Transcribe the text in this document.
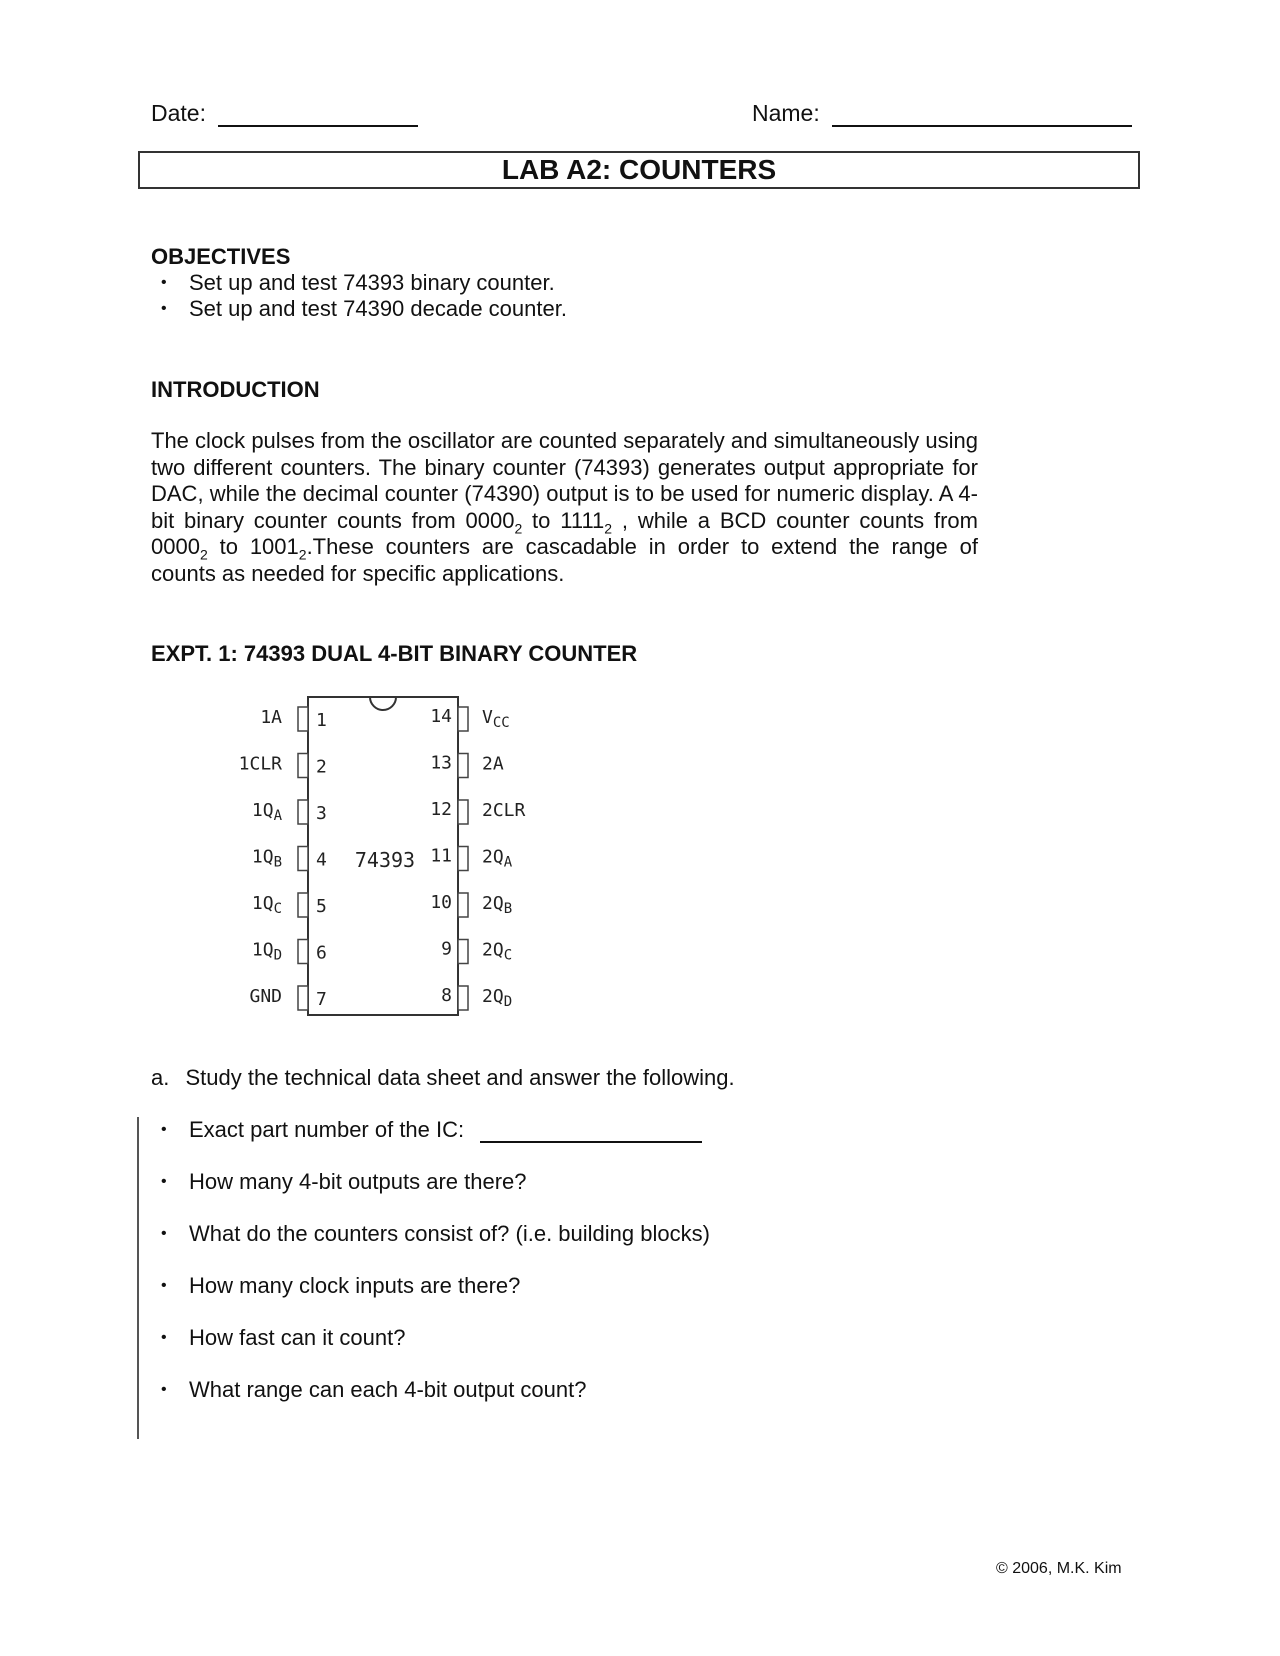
Date:	Name:
LAB A2: COUNTERS
OBJECTIVES
• Set up and test 74393 binary counter.
• Set up and test 74390 decade counter.
INTRODUCTION
The clock pulses from the oscillator are counted separately and simultaneously using two different counters. The binary counter (74393) generates output appropriate for DAC, while the decimal counter (74390) output is to be used for numeric display. A 4-bit binary counter counts from $0000_2$ to $1111_2$ , while a BCD counter counts from $0000_2$ to $1001_2.These$ counters are cascadable in order to extend the range of counts as needed for specific applications.
EXPT. 1: 74393 DUAL 4-BIT BINARY COUNTER
74393
1
1A
2
1CLR
3
$1Q_A$
4
$1Q_B$
5
$1Q_C$
6
$1Q_D$
7
GND
14 $V_{CC}$
13 2A
12 2CLR
11 $2Q_A$
10 $2Q_B$
9 $2Q_C$
8 $2Q_D$
a. Study the technical data sheet and answer the following.
• Exact part number of the IC:
• How many 4-bit outputs are there?
• What do the counters consist of? (i.e. building blocks)
• How many clock inputs are there?
• How fast can it count?
• What range can each 4-bit output count?
© 2006, M.K. Kim
